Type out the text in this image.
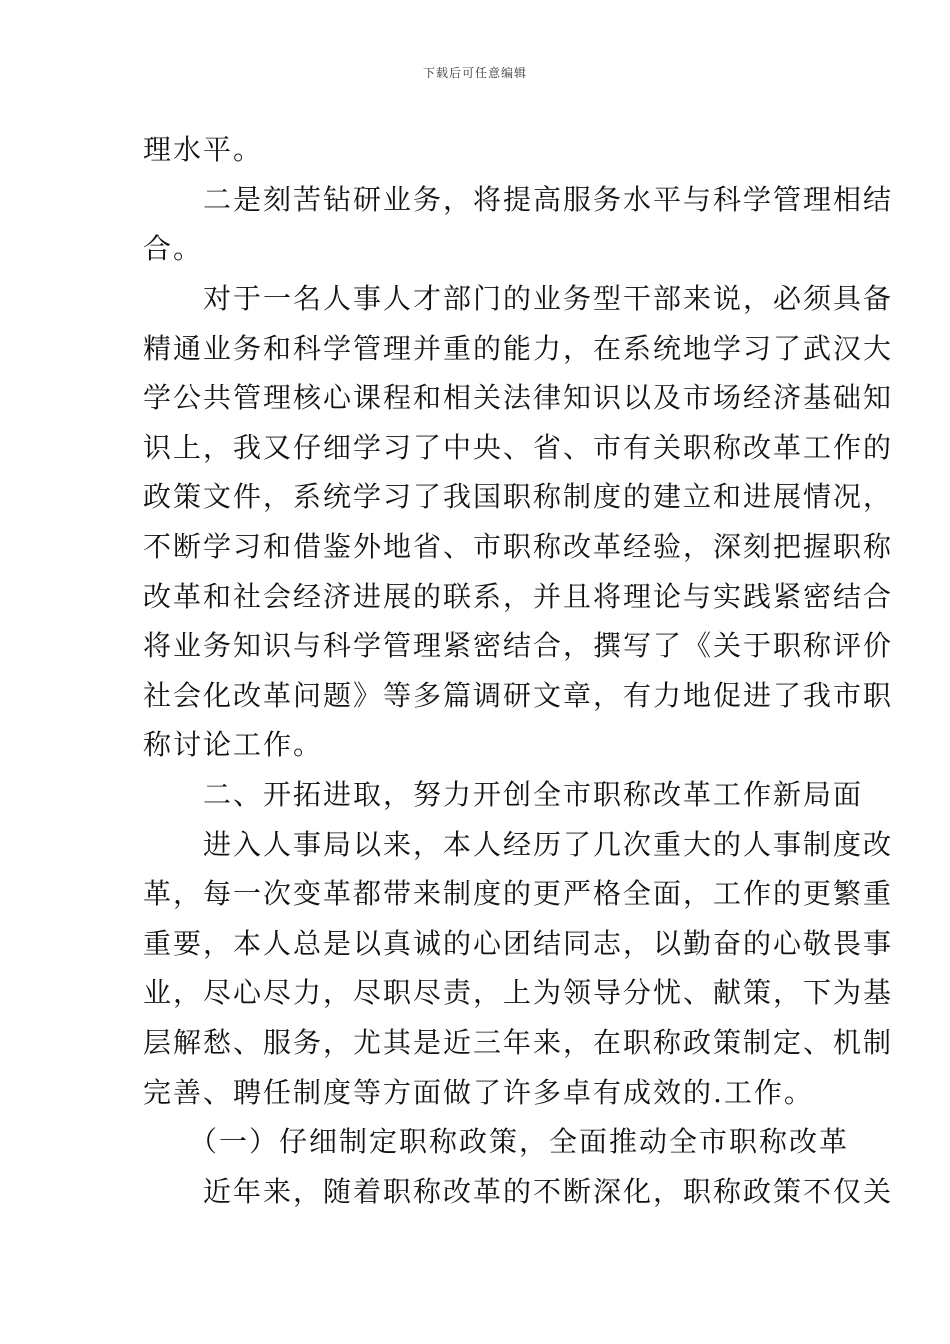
下载后可任意编辑
理水平。
　　二是刻苦钻研业务，将提高服务水平与科学管理相结
合。
　　对于一名人事人才部门的业务型干部来说，必须具备
精通业务和科学管理并重的能力，在系统地学习了武汉大
学公共管理核心课程和相关法律知识以及市场经济基础知
识上，我又仔细学习了中央、省、市有关职称改革工作的
政策文件，系统学习了我国职称制度的建立和进展情况，
不断学习和借鉴外地省、市职称改革经验，深刻把握职称
改革和社会经济进展的联系，并且将理论与实践紧密结合
将业务知识与科学管理紧密结合，撰写了《关于职称评价
社会化改革问题》等多篇调研文章，有力地促进了我市职
称讨论工作。
　　二、开拓进取，努力开创全市职称改革工作新局面
　　进入人事局以来，本人经历了几次重大的人事制度改
革，每一次变革都带来制度的更严格全面，工作的更繁重
重要，本人总是以真诚的心团结同志，以勤奋的心敬畏事
业，尽心尽力，尽职尽责，上为领导分忧、献策，下为基
层解愁、服务，尤其是近三年来，在职称政策制定、机制
完善、聘任制度等方面做了许多卓有成效的.工作。
　　（一）仔细制定职称政策，全面推动全市职称改革
　　近年来，随着职称改革的不断深化，职称政策不仅关
